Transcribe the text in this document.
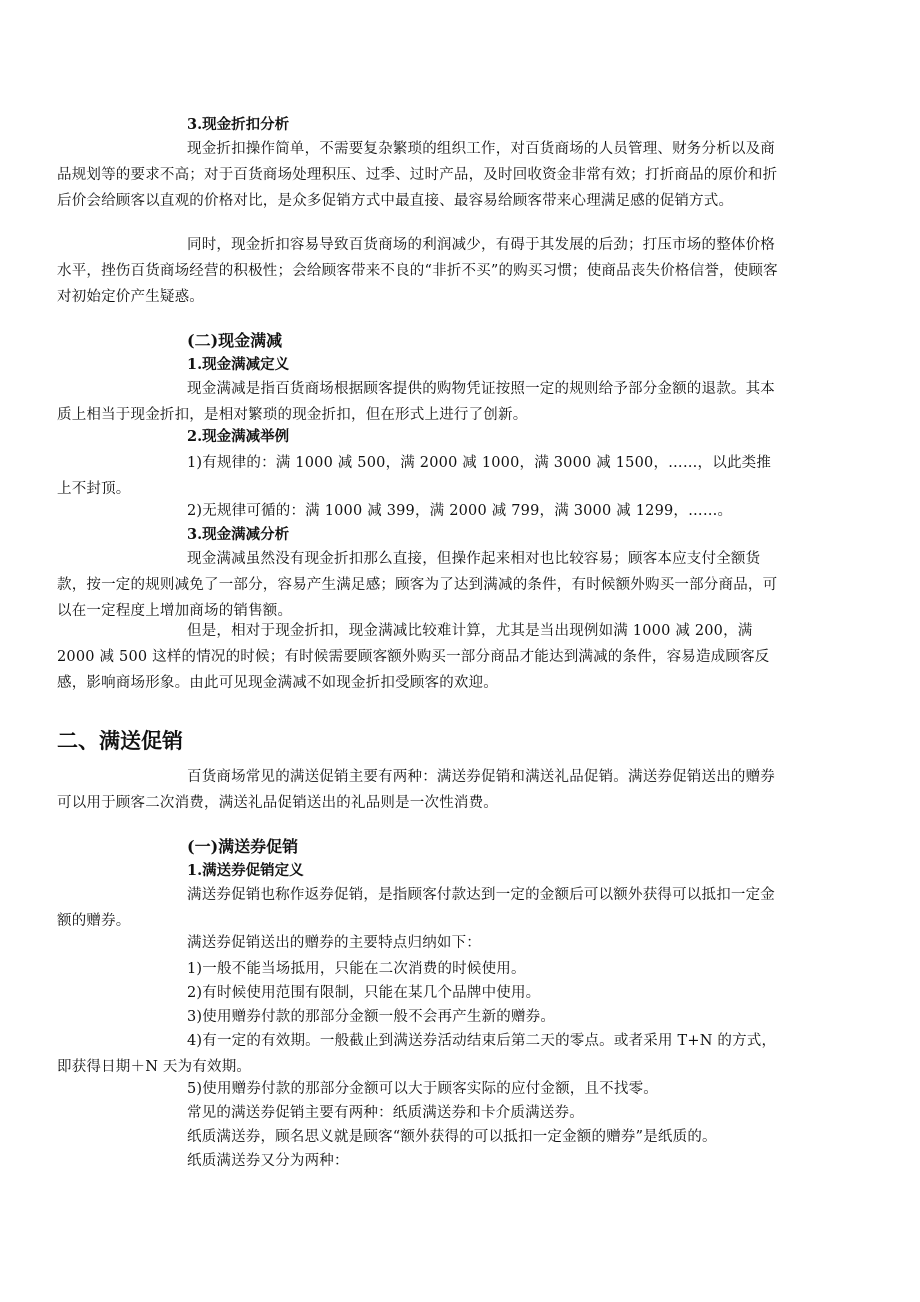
3.现金折扣分析

现金折扣操作简单，不需要复杂繁琐的组织工作，对百货商场的人员管理、财务分析以及商品规划等的要求不高；对于百货商场处理积压、过季、过时产品，及时回收资金非常有效；打折商品的原价和折后价会给顾客以直观的价格对比，是众多促销方式中最直接、最容易给顾客带来心理满足感的促销方式。

同时，现金折扣容易导致百货商场的利润减少，有碍于其发展的后劲；打压市场的整体价格水平，挫伤百货商场经营的积极性；会给顾客带来不良的“非折不买”的购买习惯；使商品丧失价格信誉，使顾客对初始定价产生疑惑。

(二)现金满减

1.现金满减定义

现金满减是指百货商场根据顾客提供的购物凭证按照一定的规则给予部分金额的退款。其本质上相当于现金折扣，是相对繁琐的现金折扣，但在形式上进行了创新。

2.现金满减举例

1)有规律的：满 1000 减 500，满 2000 减 1000，满 3000 减 1500，……，以此类推上不封顶。

2)无规律可循的：满 1000 减 399，满 2000 减 799，满 3000 减 1299，……。

3.现金满减分析

现金满减虽然没有现金折扣那么直接，但操作起来相对也比较容易；顾客本应支付全额货款，按一定的规则减免了一部分，容易产生满足感；顾客为了达到满减的条件，有时候额外购买一部分商品，可以在一定程度上增加商场的销售额。

但是，相对于现金折扣，现金满减比较难计算，尤其是当出现例如满 1000 减 200，满 2000 减 500 这样的情况的时候；有时候需要顾客额外购买一部分商品才能达到满减的条件，容易造成顾客反感，影响商场形象。由此可见现金满减不如现金折扣受顾客的欢迎。

二、满送促销

百货商场常见的满送促销主要有两种：满送券促销和满送礼品促销。满送券促销送出的赠券可以用于顾客二次消费，满送礼品促销送出的礼品则是一次性消费。

(一)满送券促销

1.满送券促销定义

满送券促销也称作返券促销，是指顾客付款达到一定的金额后可以额外获得可以抵扣一定金额的赠券。

满送券促销送出的赠券的主要特点归纳如下：

1)一般不能当场抵用，只能在二次消费的时候使用。

2)有时候使用范围有限制，只能在某几个品牌中使用。

3)使用赠券付款的那部分金额一般不会再产生新的赠券。

4)有一定的有效期。一般截止到满送券活动结束后第二天的零点。或者采用 T+N 的方式，即获得日期＋N 天为有效期。

5)使用赠券付款的那部分金额可以大于顾客实际的应付金额，且不找零。

常见的满送券促销主要有两种：纸质满送券和卡介质满送券。

纸质满送券，顾名思义就是顾客“额外获得的可以抵扣一定金额的赠券”是纸质的。

纸质满送券又分为两种：
